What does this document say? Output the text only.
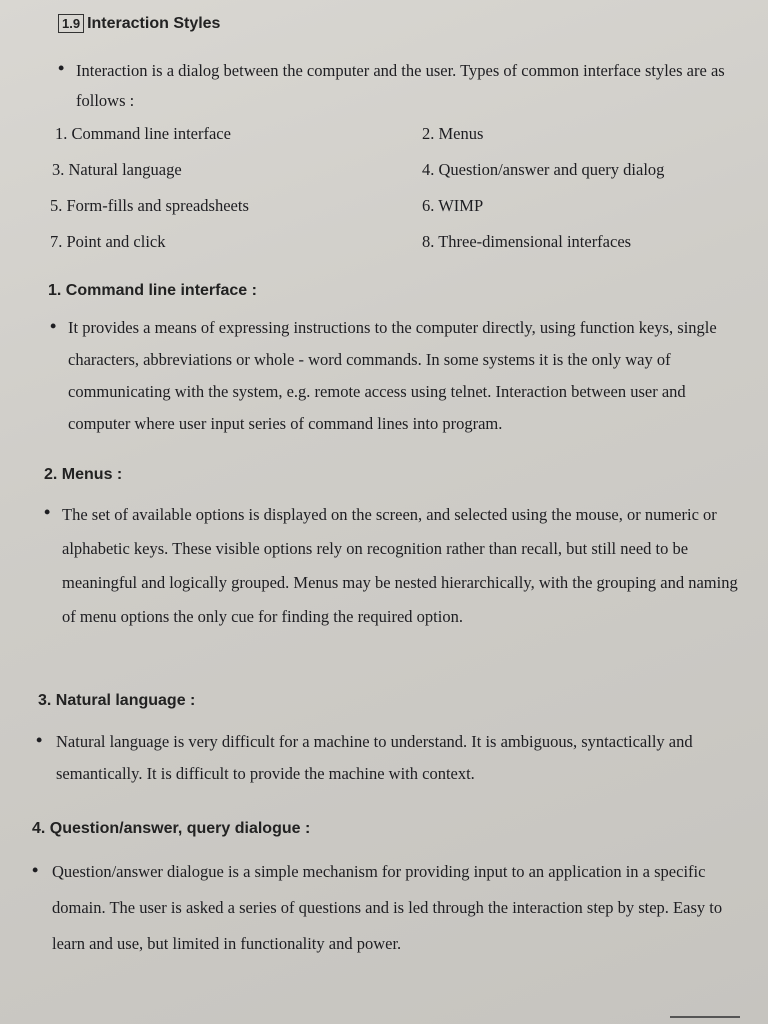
1.9 Interaction Styles
• Interaction is a dialog between the computer and the user. Types of common interface styles are as follows :

1. Command line interface	2. Menus
3. Natural language	4. Question/answer and query dialog
5. Form-fills and spreadsheets	6. WIMP
7. Point and click	8. Three-dimensional interfaces
1. Command line interface :
• It provides a means of expressing instructions to the computer directly, using function keys, single characters, abbreviations or whole - word commands. In some systems it is the only way of communicating with the system, e.g. remote access using telnet. Interaction between user and computer where user input series of command lines into program.

2. Menus :
• The set of available options is displayed on the screen, and selected using the mouse, or numeric or alphabetic keys. These visible options rely on recognition rather than recall, but still need to be meaningful and logically grouped. Menus may be nested hierarchically, with the grouping and naming of menu options the only cue for finding the required option.

3. Natural language :
• Natural language is very difficult for a machine to understand. It is ambiguous, syntactically and semantically. It is difficult to provide the machine with context.

4. Question/answer, query dialogue :
• Question/answer dialogue is a simple mechanism for providing input to an application in a specific domain. The user is asked a series of questions and is led through the interaction step by step. Easy to learn and use, but limited in functionality and power.
